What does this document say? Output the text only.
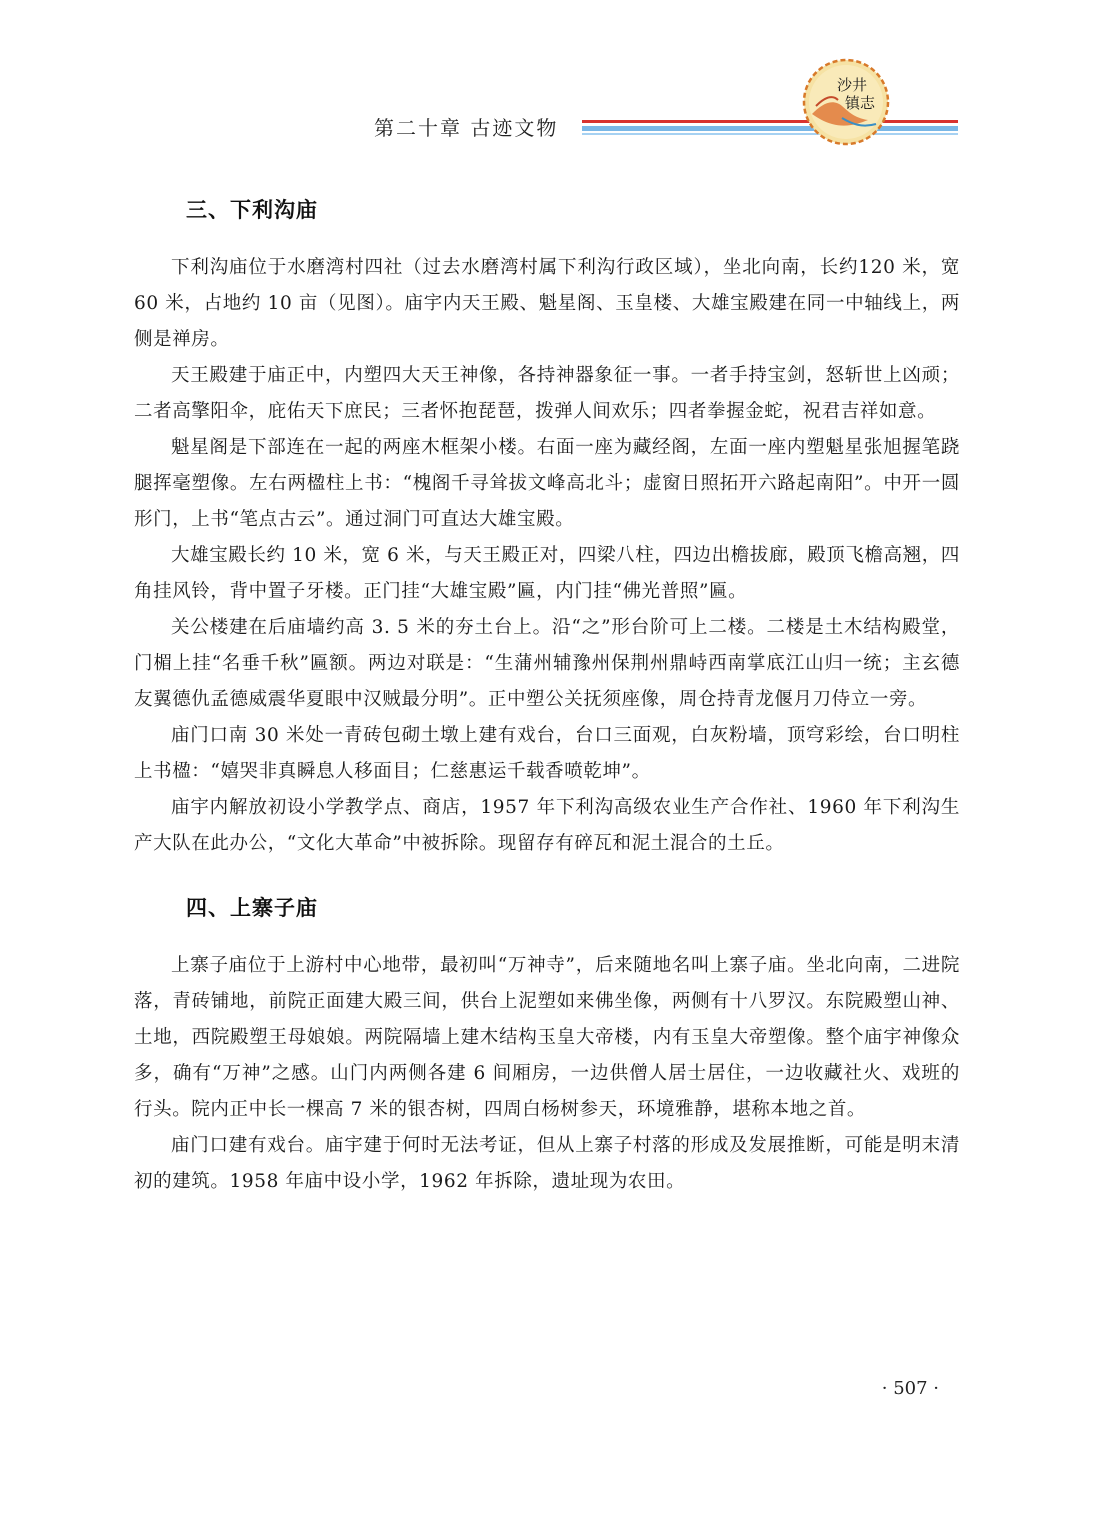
第二十章 古迹文物
沙井
镇志
三、下利沟庙

下利沟庙位于水磨湾村四社（过去水磨湾村属下利沟行政区域），坐北向南，长约120 米，宽 60 米，占地约 10 亩（见图）。庙宇内天王殿、魁星阁、玉皇楼、大雄宝殿建在同一中轴线上，两侧是禅房。

天王殿建于庙正中，内塑四大天王神像，各持神器象征一事。一者手持宝剑，怒斩世上凶顽；二者高擎阳伞，庇佑天下庶民；三者怀抱琵琶，拨弹人间欢乐；四者拳握金蛇，祝君吉祥如意。

魁星阁是下部连在一起的两座木框架小楼。右面一座为藏经阁，左面一座内塑魁星张旭握笔跷腿挥毫塑像。左右两楹柱上书：“槐阁千寻耸拔文峰高北斗；虚窗日照拓开六路起南阳”。中开一圆形门，上书“笔点古云”。通过洞门可直达大雄宝殿。

大雄宝殿长约 10 米，宽 6 米，与天王殿正对，四梁八柱，四边出檐拔廊，殿顶飞檐高翘，四角挂风铃，背中置子牙楼。正门挂“大雄宝殿”匾，内门挂“佛光普照”匾。

关公楼建在后庙墙约高 3. 5 米的夯土台上。沿“之”形台阶可上二楼。二楼是土木结构殿堂，门楣上挂“名垂千秋”匾额。两边对联是：“生蒲州辅豫州保荆州鼎峙西南掌底江山归一统；主玄德友翼德仇孟德威震华夏眼中汉贼最分明”。正中塑公关抚须座像，周仓持青龙偃月刀侍立一旁。

庙门口南 30 米处一青砖包砌土墩上建有戏台，台口三面观，白灰粉墙，顶穹彩绘，台口明柱上书楹：“嬉哭非真瞬息人移面目；仁慈惠运千载香喷乾坤”。

庙宇内解放初设小学教学点、商店，1957 年下利沟高级农业生产合作社、1960 年下利沟生产大队在此办公，“文化大革命”中被拆除。现留存有碎瓦和泥土混合的土丘。

四、上寨子庙

上寨子庙位于上游村中心地带，最初叫“万神寺”，后来随地名叫上寨子庙。坐北向南，二进院落，青砖铺地，前院正面建大殿三间，供台上泥塑如来佛坐像，两侧有十八罗汉。东院殿塑山神、土地，西院殿塑王母娘娘。两院隔墙上建木结构玉皇大帝楼，内有玉皇大帝塑像。整个庙宇神像众多，确有“万神”之感。山门内两侧各建 6 间厢房，一边供僧人居士居住，一边收藏社火、戏班的行头。院内正中长一棵高 7 米的银杏树，四周白杨树参天，环境雅静，堪称本地之首。

庙门口建有戏台。庙宇建于何时无法考证，但从上寨子村落的形成及发展推断，可能是明末清初的建筑。1958 年庙中设小学，1962 年拆除，遗址现为农田。

· 507 ·
